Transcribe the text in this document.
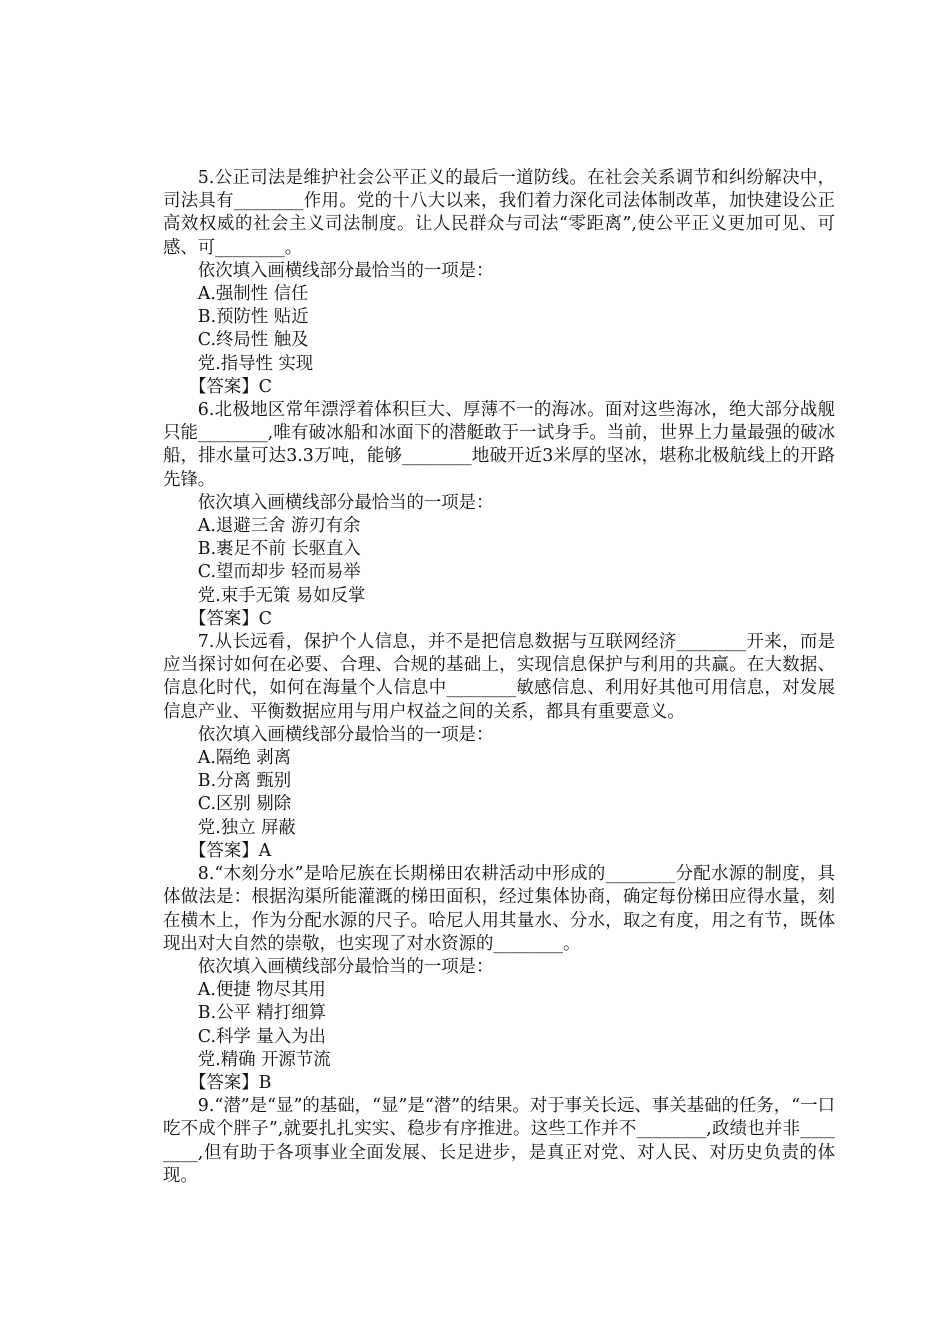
5.公正司法是维护社会公平正义的最后一道防线。在社会关系调节和纠纷解决中，司法具有________作用。党的十八大以来，我们着力深化司法体制改革，加快建设公正高效权威的社会主义司法制度。让人民群众与司法“零距离”,使公平正义更加可见、可感、可________。

依次填入画横线部分最恰当的一项是：

A.强制性 信任

B.预防性 贴近

C.终局性 触及

党.指导性 实现

【答案】C

6.北极地区常年漂浮着体积巨大、厚薄不一的海冰。面对这些海冰，绝大部分战舰只能________,唯有破冰船和冰面下的潜艇敢于一试身手。当前，世界上力量最强的破冰船，排水量可达3.3万吨，能够________地破开近3米厚的坚冰，堪称北极航线上的开路先锋。

依次填入画横线部分最恰当的一项是：

A.退避三舍 游刃有余

B.裹足不前 长驱直入

C.望而却步 轻而易举

党.束手无策 易如反掌

【答案】C

7.从长远看，保护个人信息，并不是把信息数据与互联网经济________开来，而是应当探讨如何在必要、合理、合规的基础上，实现信息保护与利用的共赢。在大数据、信息化时代，如何在海量个人信息中________敏感信息、利用好其他可用信息，对发展信息产业、平衡数据应用与用户权益之间的关系，都具有重要意义。

依次填入画横线部分最恰当的一项是：

A.隔绝 剥离

B.分离 甄别

C.区别 剔除

党.独立 屏蔽

【答案】A

8.“木刻分水”是哈尼族在长期梯田农耕活动中形成的________分配水源的制度，具体做法是：根据沟渠所能灌溉的梯田面积，经过集体协商，确定每份梯田应得水量，刻在横木上，作为分配水源的尺子。哈尼人用其量水、分水，取之有度，用之有节，既体现出对大自然的崇敬，也实现了对水资源的________。

依次填入画横线部分最恰当的一项是：

A.便捷 物尽其用

B.公平 精打细算

C.科学 量入为出

党.精确 开源节流

【答案】B

9.“潜”是“显”的基础，“显”是“潜”的结果。对于事关长远、事关基础的任务，“一口吃不成个胖子”,就要扎扎实实、稳步有序推进。这些工作并不________,政绩也并非________,但有助于各项事业全面发展、长足进步，是真正对党、对人民、对历史负责的体现。
